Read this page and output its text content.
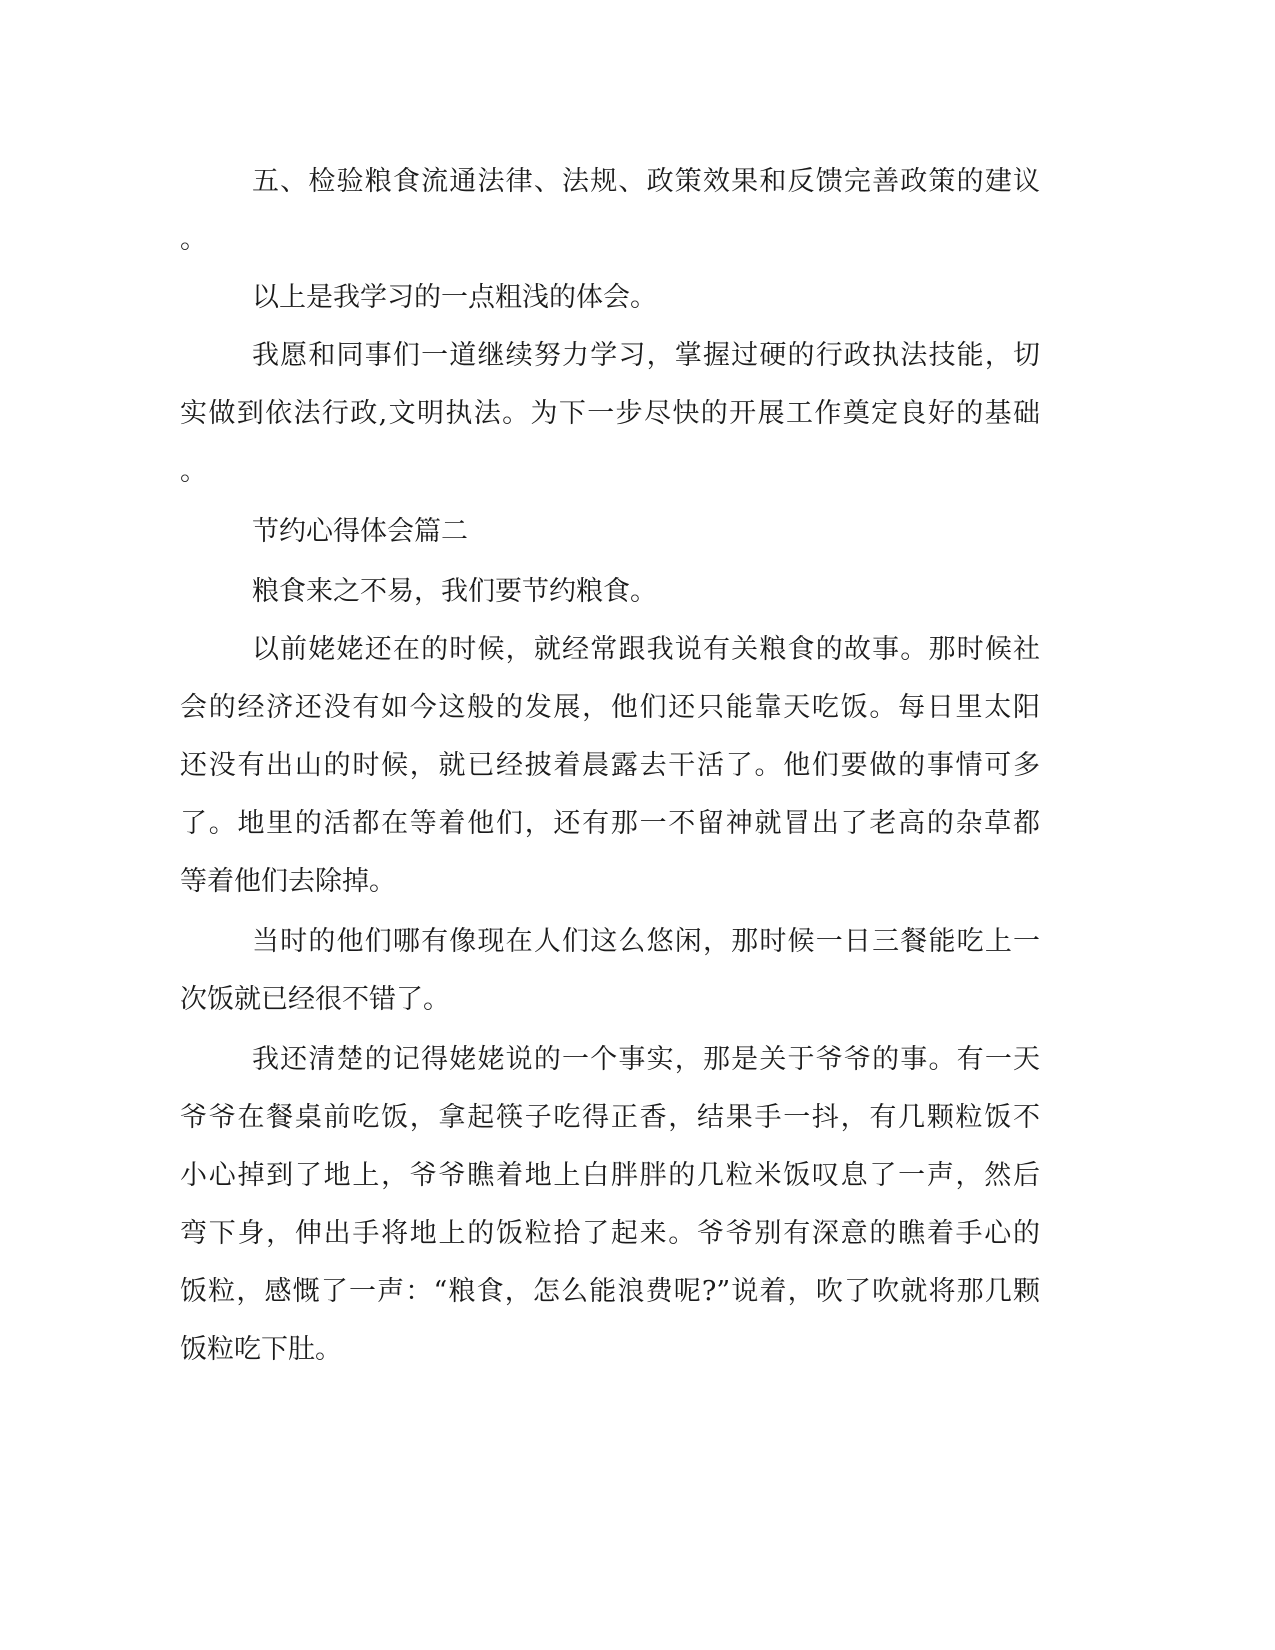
五、检验粮食流通法律、法规、政策效果和反馈完善政策的建议
。
以上是我学习的一点粗浅的体会。
我愿和同事们一道继续努力学习，掌握过硬的行政执法技能，切
实做到依法行政,文明执法。为下一步尽快的开展工作奠定良好的基础
。
节约心得体会篇二
粮食来之不易，我们要节约粮食。
以前姥姥还在的时候，就经常跟我说有关粮食的故事。那时候社
会的经济还没有如今这般的发展，他们还只能靠天吃饭。每日里太阳
还没有出山的时候，就已经披着晨露去干活了。他们要做的事情可多
了。地里的活都在等着他们，还有那一不留神就冒出了老高的杂草都
等着他们去除掉。
当时的他们哪有像现在人们这么悠闲，那时候一日三餐能吃上一
次饭就已经很不错了。
我还清楚的记得姥姥说的一个事实，那是关于爷爷的事。有一天
爷爷在餐桌前吃饭，拿起筷子吃得正香，结果手一抖，有几颗粒饭不
小心掉到了地上，爷爷瞧着地上白胖胖的几粒米饭叹息了一声，然后
弯下身，伸出手将地上的饭粒拾了起来。爷爷别有深意的瞧着手心的
饭粒，感慨了一声：“粮食，怎么能浪费呢?”说着，吹了吹就将那几颗
饭粒吃下肚。
